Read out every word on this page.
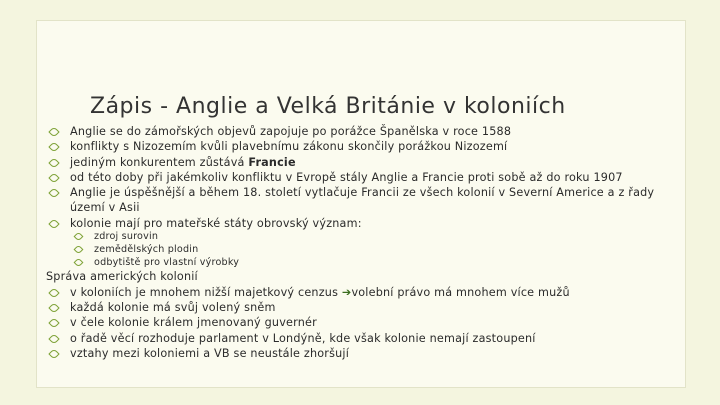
Zápis - Anglie a Velká Británie v koloniích
Anglie se do zámořských objevů zapojuje po porážce Španělska v roce 1588
konflikty s Nizozemím kvůli plavebnímu zákonu skončily porážkou Nizozemí
jediným konkurentem zůstává Francie
od této doby při jakémkoliv konfliktu v Evropě stály Anglie a Francie proti sobě až do roku 1907
Anglie je úspěšnější a během 18. století vytlačuje Francii ze všech kolonií v Severní Americe a z řady území v Asii
kolonie mají pro mateřské státy obrovský význam:
zdroj surovin
zemědělských plodin
odbytiště pro vlastní výrobky
Správa amerických kolonií
v koloniích je mnohem nižší majetkový cenzus ➔volební právo má mnohem více mužů
každá kolonie má svůj volený sněm
v čele kolonie králem jmenovaný guvernér
o řadě věcí rozhoduje parlament v Londýně, kde však kolonie nemají zastoupení
vztahy mezi koloniemi a VB se neustále zhoršují
